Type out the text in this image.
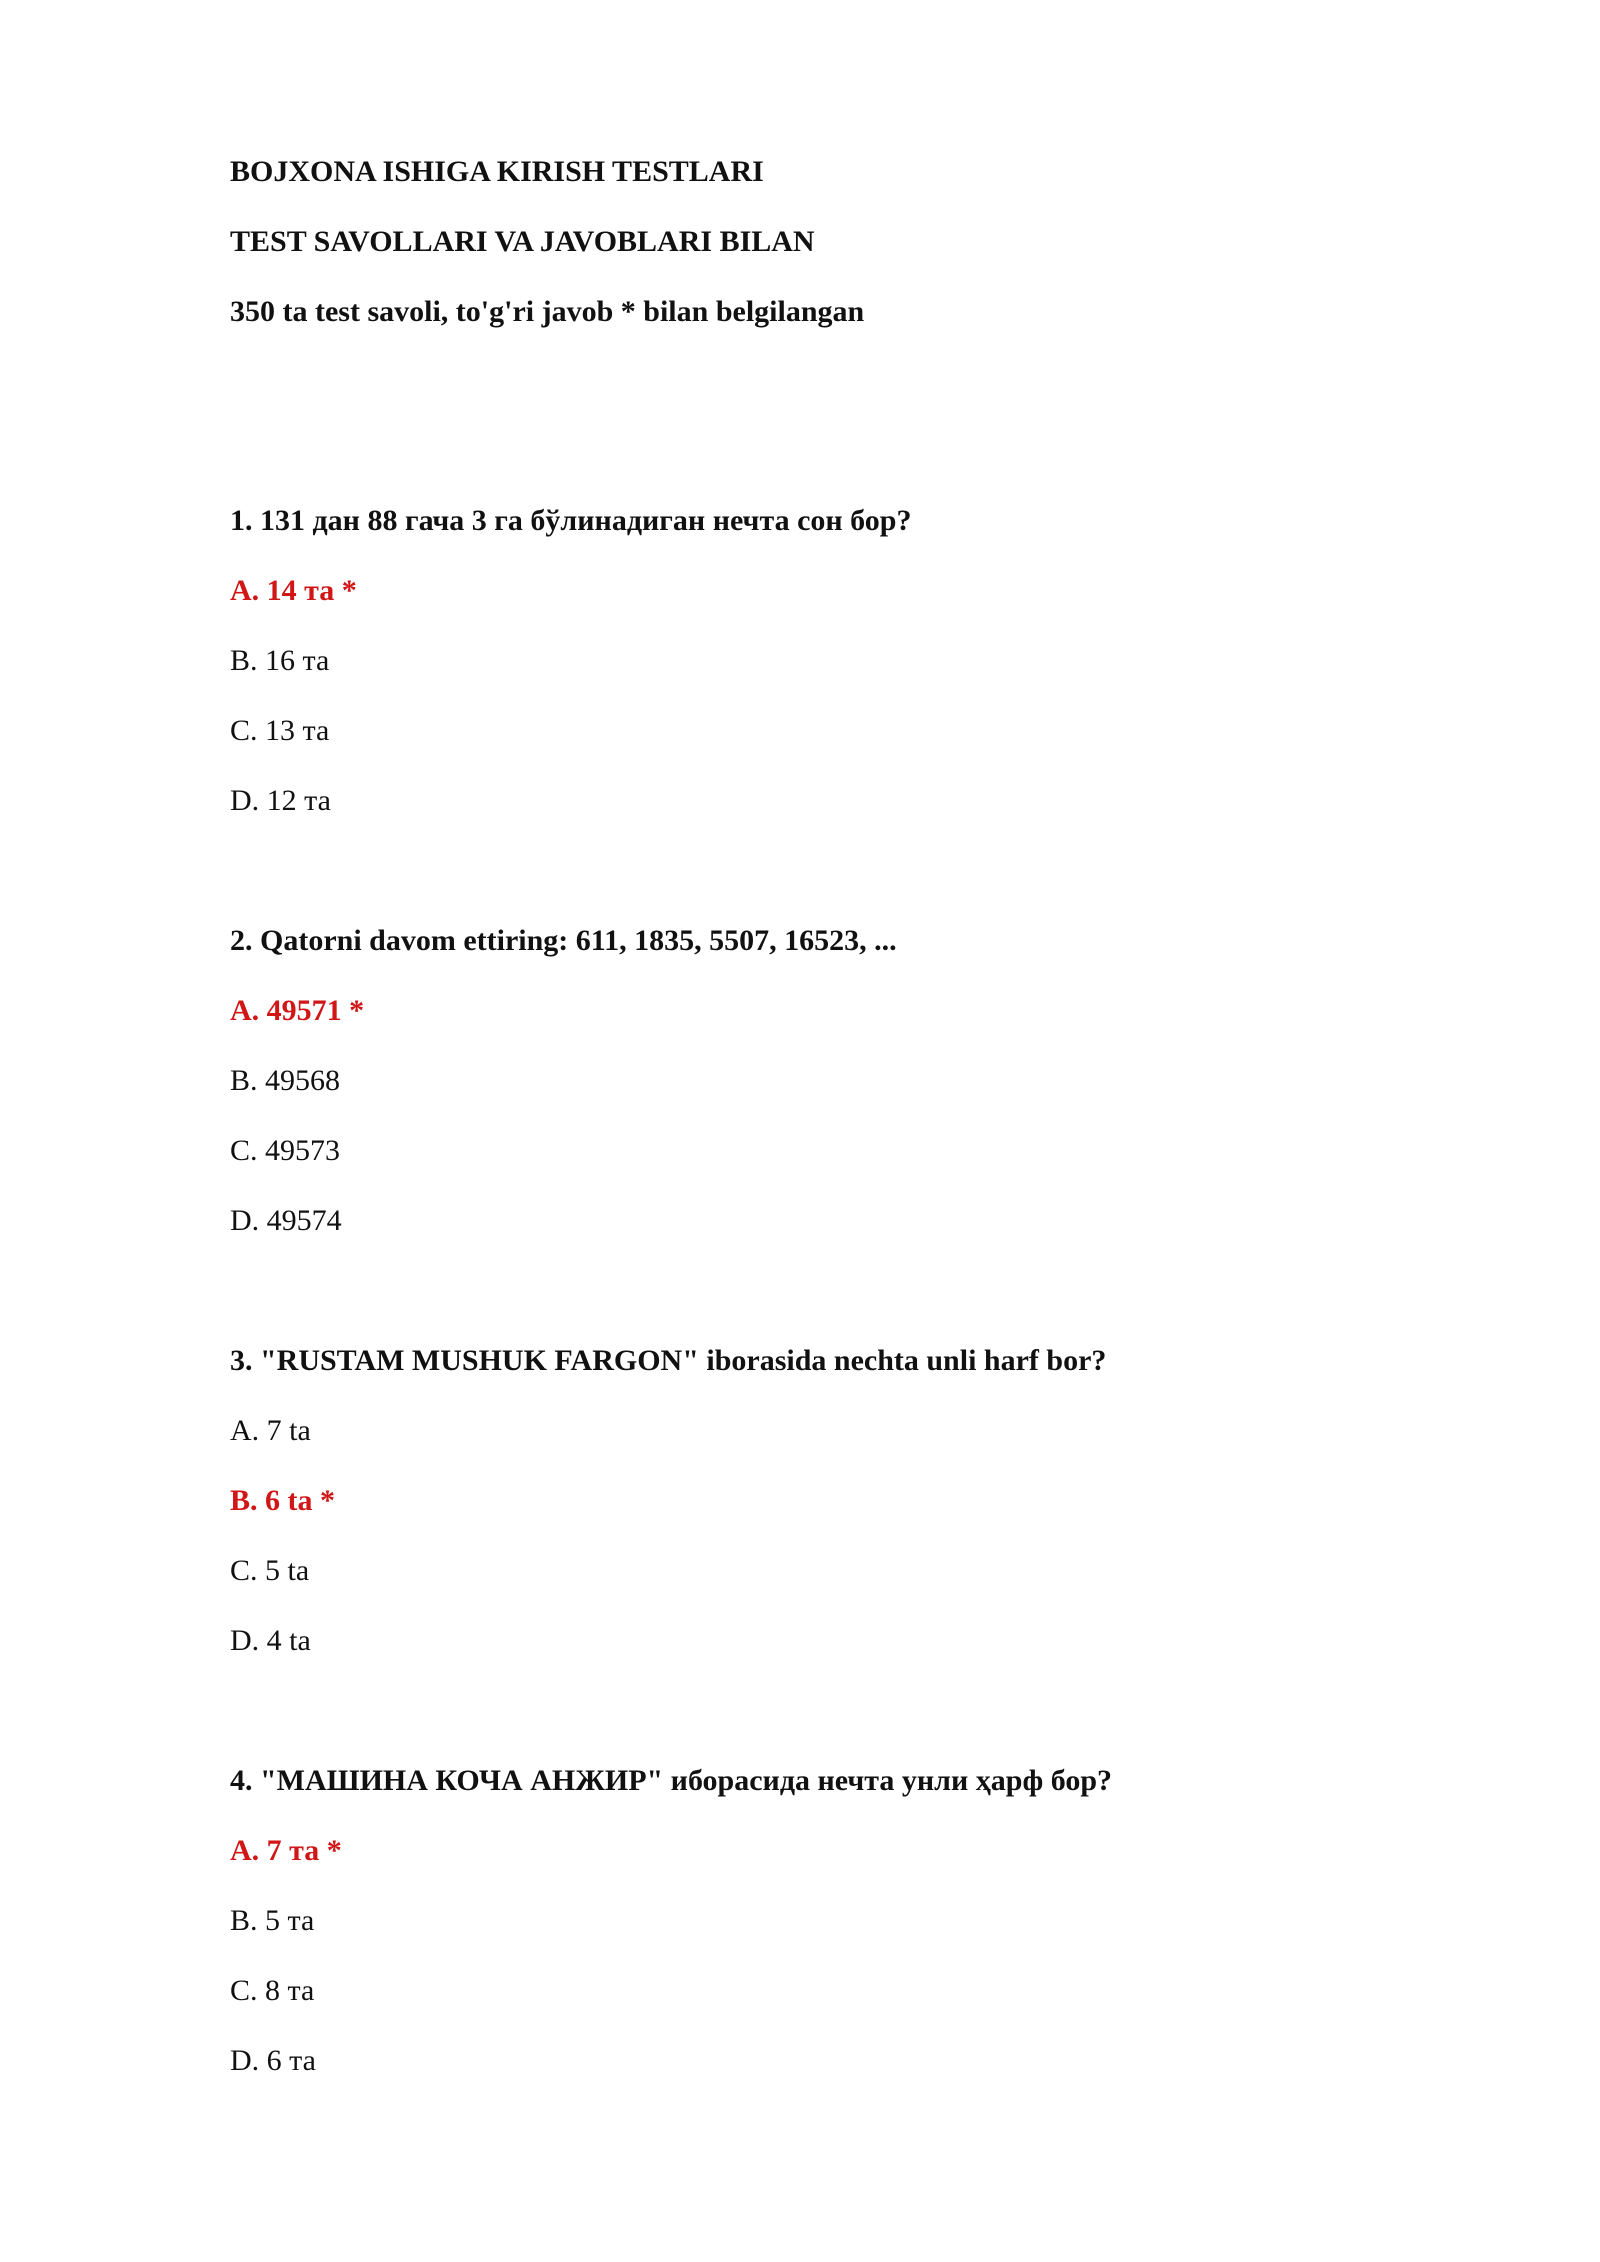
BOJXONA ISHIGA KIRISH TESTLARI
TEST SAVOLLARI VA JAVOBLARI BILAN
350 ta test savoli, to'g'ri javob * bilan belgilangan
1. 131 дан 88 гача 3 га бўлинадиган нечта сон бор?
A. 14 та *
B. 16 та
C. 13 та
D. 12 та
2. Qatorni davom ettiring: 611, 1835, 5507, 16523, ...
A. 49571 *
B. 49568
C. 49573
D. 49574
3. "RUSTAM MUSHUK FARGON" iborasida nechta unli harf bor?
A. 7 ta
B. 6 ta *
C. 5 ta
D. 4 ta
4. "МАШИНА КОЧА АНЖИР" иборасида нечта унли ҳарф бор?
A. 7 та *
B. 5 та
C. 8 та
D. 6 та
